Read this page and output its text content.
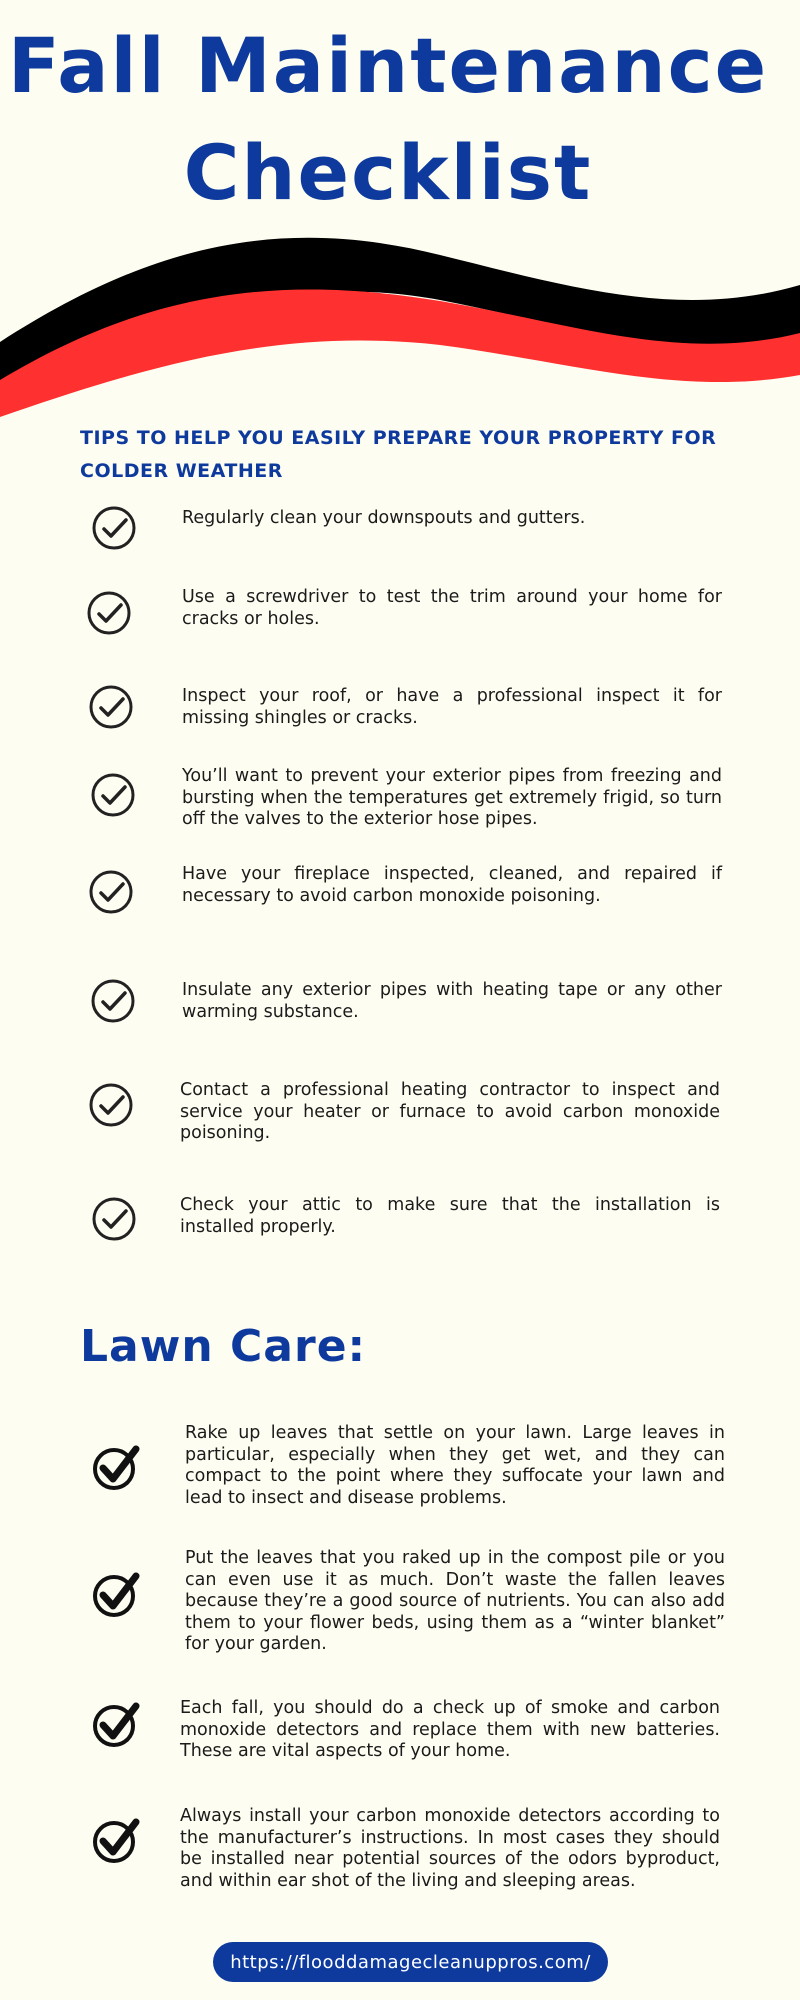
Fall Maintenance
Checklist
TIPS TO HELP YOU EASILY PREPARE YOUR PROPERTY FOR COLDER WEATHER

Regularly clean your downspouts and gutters.

Use a screwdriver to test the trim around your home for cracks or holes.

Inspect your roof, or have a professional inspect it for missing shingles or cracks.

You’ll want to prevent your exterior pipes from freezing and bursting when the temperatures get extremely frigid, so turn off the valves to the exterior hose pipes.

Have your fireplace inspected, cleaned, and repaired if necessary to avoid carbon monoxide poisoning.

Insulate any exterior pipes with heating tape or any other warming substance.

Contact a professional heating contractor to inspect and service your heater or furnace to avoid carbon monoxide poisoning.

Check your attic to make sure that the installation is installed properly.

Lawn Care:

Rake up leaves that settle on your lawn. Large leaves in particular, especially when they get wet, and they can compact to the point where they suffocate your lawn and lead to insect and disease problems.

Put the leaves that you raked up in the compost pile or you can even use it as much. Don’t waste the fallen leaves because they’re a good source of nutrients. You can also add them to your flower beds, using them as a “winter blanket” for your garden.

Each fall, you should do a check up of smoke and carbon monoxide detectors and replace them with new batteries. These are vital aspects of your home.

Always install your carbon monoxide detectors according to the manufacturer’s instructions. In most cases they should be installed near potential sources of the odors byproduct, and within ear shot of the living and sleeping areas.

https://flooddamagecleanuppros.com/
